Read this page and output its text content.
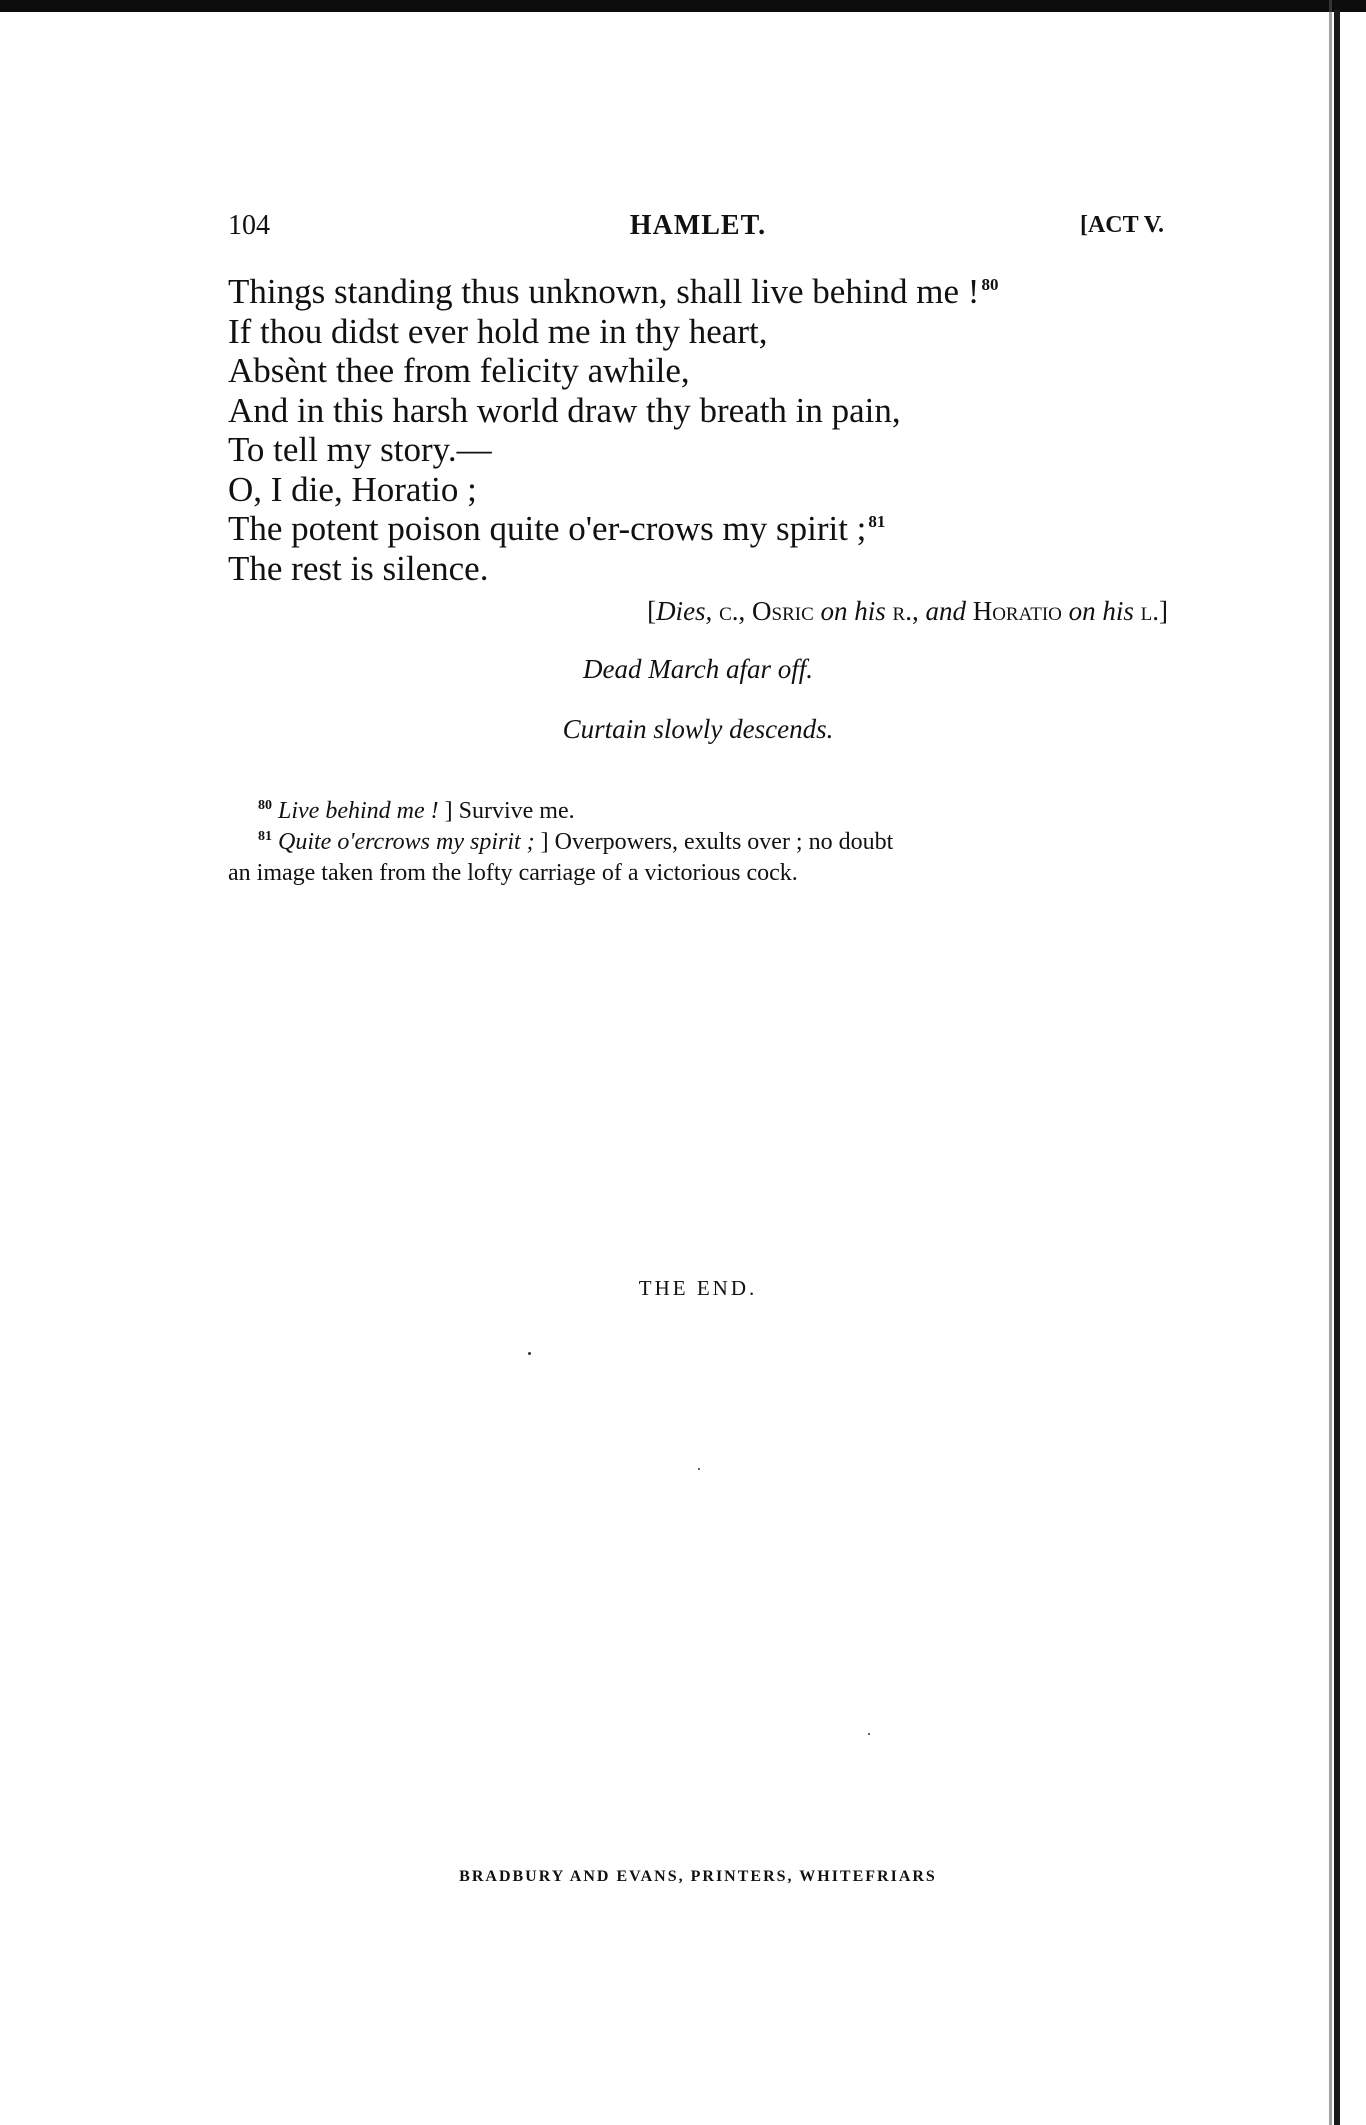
104	HAMLET.	[ACT V.
Things standing thus unknown, shall live behind me ! $^{80}$
If thou didst ever hold me in thy heart,
Absènt thee from felicity awhile,
And in this harsh world draw thy breath in pain,
To tell my story.—
O, I die, Horatio ;
The potent poison quite o'er-crows my spirit ; $^{81}$
The rest is silence.
[Dies, c., Osric on his r., and Horatio on his l.]
Dead March afar off.
Curtain slowly descends.
$^{80}$ Live behind me ! ] Survive me.
$^{81}$ Quite o'ercrows my spirit ; ] Overpowers, exults over ; no doubt
an image taken from the lofty carriage of a victorious cock.
THE END.
BRADBURY AND EVANS, PRINTERS, WHITEFRIARS
